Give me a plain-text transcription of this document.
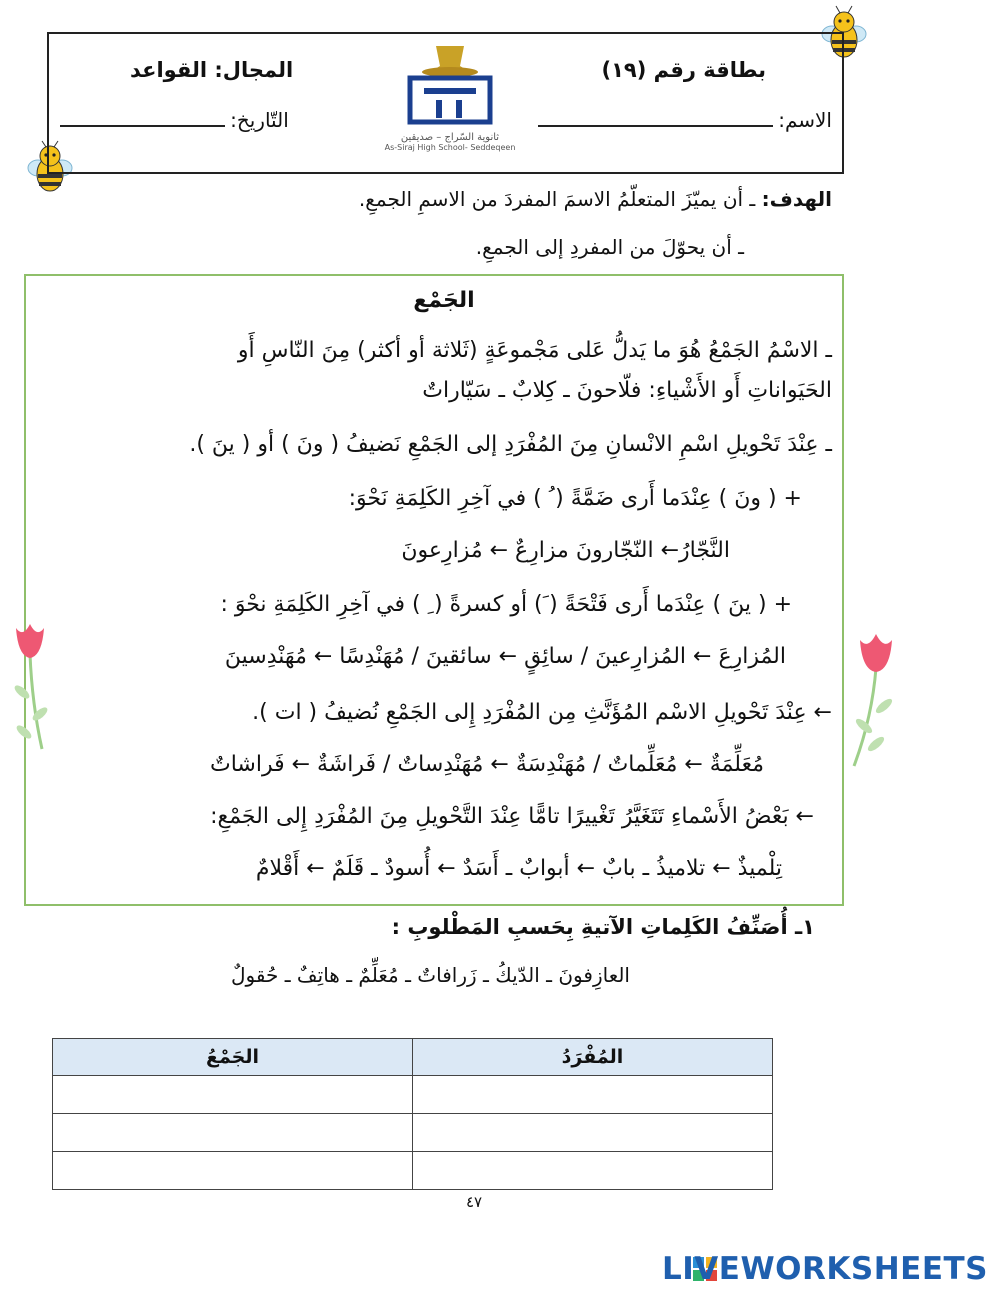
بطاقة رقم (١٩)
المجال: القواعد
الاسم:
التّاريخ:
ثانوية السّراج – صديقين
As-Siraj High School- Seddeqeen
الهدف: ـ أن يميّزَ المتعلّمُ الاسمَ المفردَ من الاسمِ الجمعِ.
ـ أن يحوّلَ من المفردِ إلى الجمعِ.
الجَمْع
ـ الاسْمُ الجَمْعُ هُوَ ما يَدلُّ عَلى مَجْموعَةٍ (ثَلاثة أو أكثر) مِنَ النّاسِ أَو
الحَيَواناتِ أَو الأَشْياءِ: فلّاحونَ ـ كِلابٌ ـ سَيّاراتٌ
ـ عِنْدَ تَحْويلِ اسْمِ الانْسانِ مِنَ المُفْرَدِ إلى الجَمْعِ نَضيفُ ( ونَ ) أو ( ينَ ).
+ ( ونَ ) عِنْدَما أَرى ضَمَّةً ( ُ ) في آخِرِ الكَلِمَةِ نَحْوَ:
النَّجّارُ← النّجّارونَ مزارِعٌ ← مُزارِعونَ
+ ( ينَ ) عِنْدَما أَرى فَتْحَةً ( َ) أو كسرةً ( ِ ) في آخِرِ الكَلِمَةِ نحْوَ :
المُزارِعَ ← المُزارِعينَ / سائِقٍ ← سائقينَ / مُهَنْدِسًا ← مُهَنْدِسينَ
← عِنْدَ تَحْويلِ الاسْم المُؤَنَّثِ مِن المُفْرَدِ إِلى الجَمْعِ نُضيفُ ( ات ).
مُعَلِّمَةٌ ← مُعَلِّماتٌ / مُهَنْدِسَةٌ ← مُهَنْدِساتٌ / فَراشَةٌ ← فَراشاتٌ
← بَعْضُ الأَسْماءِ تَتَغَيَّرُ تَغْييرًا تامًّا عِنْدَ التَّحْويلِ مِنَ المُفْرَدِ إِلى الجَمْعِ:
تِلْميذٌ ← تلاميذُ ـ بابٌ ← أبوابٌ ـ أَسَدٌ ← أُسودٌ ـ قَلَمٌ ← أَقْلامٌ
١ـ أُصَنِّفُ الكَلِماتِ الآتيةِ بِحَسبِ المَطْلوبِ :
العازِفونَ ـ الدّيكُ ـ زَرافاتٌ ـ مُعَلِّمٌ ـ هاتِفٌ ـ حُقولٌ
المُفْرَدُ	الجَمْعُ

٤٧
LIVEWORKSHEETS
